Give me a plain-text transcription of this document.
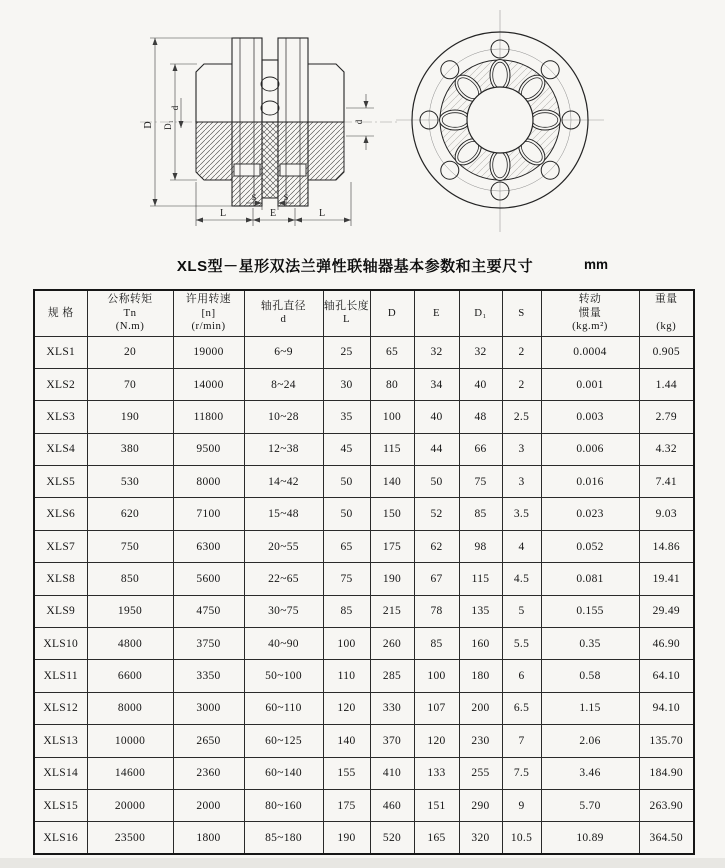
D D₁
d
d
S	S
L	E	L
XLS型－星形双法兰弹性联轴器基本参数和主要尺寸	mm
规 格

公称转矩
Tn
(N.m)

许用转速
[n]
(r/min)

轴孔直径
d

轴孔长度
L

D	E	D₁	S

转动
惯量
(kg.m²)

重量

(kg)

XLS1	20	19000	6~9	25	65	32	32	2	0.0004	0.905
XLS2	70	14000	8~24	30	80	34	40	2	0.001	1.44
XLS3	190	11800	10~28	35	100	40	48	2.5	0.003	2.79
XLS4	380	9500	12~38	45	115	44	66	3	0.006	4.32
XLS5	530	8000	14~42	50	140	50	75	3	0.016	7.41
XLS6	620	7100	15~48	50	150	52	85	3.5	0.023	9.03
XLS7	750	6300	20~55	65	175	62	98	4	0.052	14.86
XLS8	850	5600	22~65	75	190	67	115	4.5	0.081	19.41
XLS9	1950	4750	30~75	85	215	78	135	5	0.155	29.49
XLS10	4800	3750	40~90	100	260	85	160	5.5	0.35	46.90
XLS11	6600	3350	50~100	110	285	100	180	6	0.58	64.10
XLS12	8000	3000	60~110	120	330	107	200	6.5	1.15	94.10
XLS13	10000	2650	60~125	140	370	120	230	7	2.06	135.70
XLS14	14600	2360	60~140	155	410	133	255	7.5	3.46	184.90
XLS15	20000	2000	80~160	175	460	151	290	9	5.70	263.90
XLS16	23500	1800	85~180	190	520	165	320	10.5	10.89	364.50
